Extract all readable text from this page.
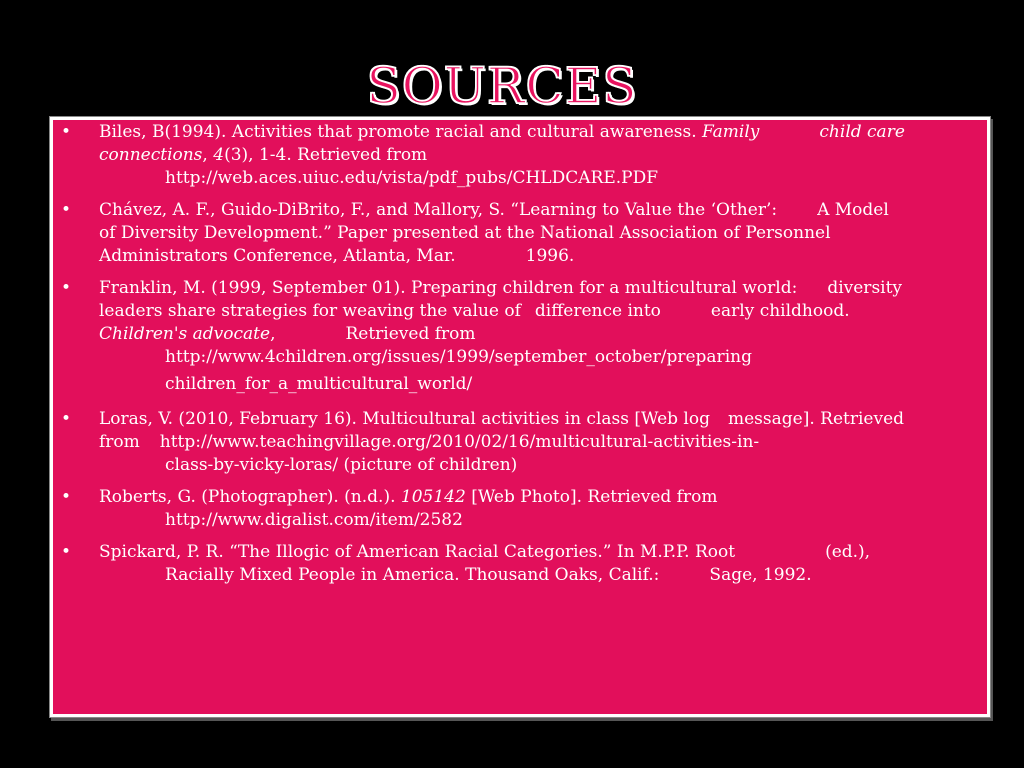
SOURCES
• Biles, B(1994). Activities that promote racial and cultural awareness. Family	child care
connections, 4(3), 1-4. Retrieved from
http://web.aces.uiuc.edu/vista/pdf_pubs/CHLDCARE.PDF
• Chávez, A. F., Guido-DiBrito, F., and Mallory, S. “Learning to Value the ‘Other’: A Model
of Diversity Development.” Paper presented at the National Association of Personnel
Administrators Conference, Atlanta, Mar.	1996.
• Franklin, M. (1999, September 01). Preparing children for a multicultural world: diversity
leaders share strategies for weaving the value of difference into	early childhood.
Children's advocate,	Retrieved from
http://www.4children.org/issues/1999/september_october/preparing
children_for_a_multicultural_world/
• Loras, V. (2010, February 16). Multicultural activities in class [Web log message]. Retrieved
from http://www.teachingvillage.org/2010/02/16/multicultural-activities-in-
class-by-vicky-loras/ (picture of children)
• Roberts, G. (Photographer). (n.d.). 105142 [Web Photo]. Retrieved from
http://www.digalist.com/item/2582
• Spickard, P. R. “The Illogic of American Racial Categories.” In M.P.P. Root	(ed.),
Racially Mixed People in America. Thousand Oaks, Calif.:	Sage, 1992.
